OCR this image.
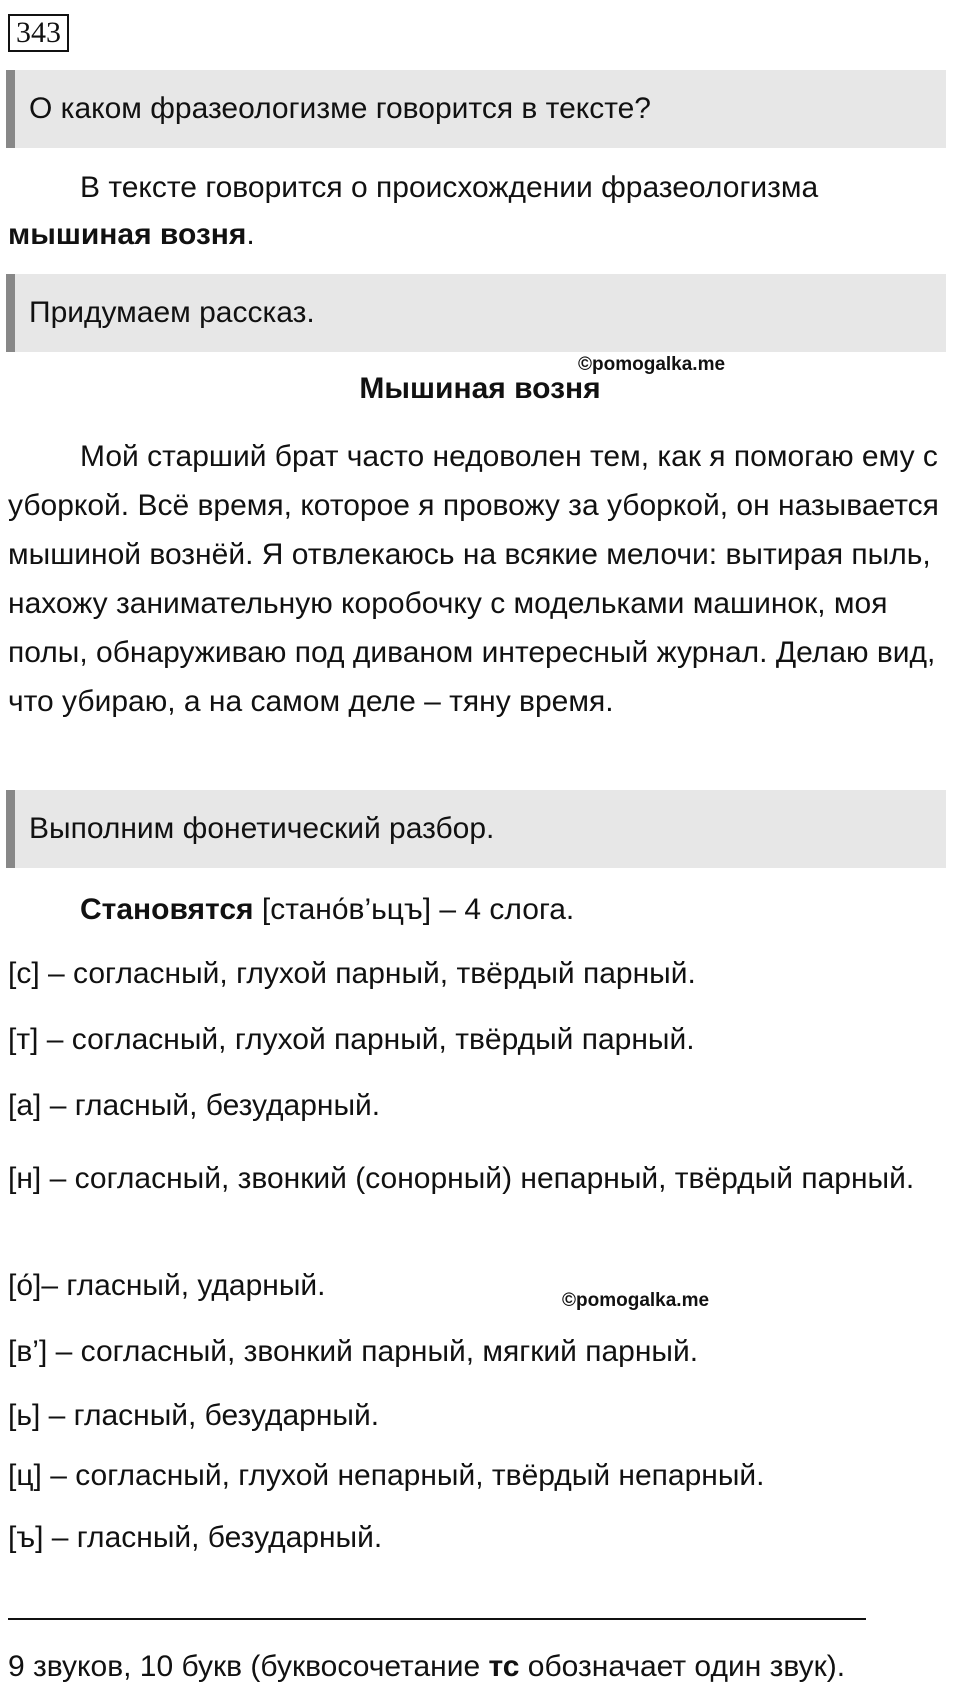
343
О каком фразеологизме говорится в тексте?
В тексте говорится о происхождении фразеологизма мышиная возня.
Придумаем рассказ.
©pomogalka.me
Мышиная возня
Мой старший брат часто недоволен тем, как я помогаю ему с уборкой. Всё время, которое я провожу за уборкой, он называется мышиной вознёй. Я отвлекаюсь на всякие мелочи: вытирая пыль, нахожу занимательную коробочку с модельками машинок, моя полы, обнаруживаю под диваном интересный журнал. Делаю вид, что убираю, а на самом деле – тяну время.
Выполним фонетический разбор.
Становятся [стано́в’ьцъ] – 4 слога.
[с] – согласный, глухой парный, твёрдый парный.
[т] – согласный, глухой парный, твёрдый парный.
[а] – гласный, безударный.
[н] – согласный, звонкий (сонорный) непарный, твёрдый парный.
[о́]– гласный, ударный.	©pomogalka.me
[в’] – согласный, звонкий парный, мягкий парный.
[ь] – гласный, безударный.
[ц] – согласный, глухой непарный, твёрдый непарный.
[ъ] – гласный, безударный.
9 звуков, 10 букв (буквосочетание тс обозначает один звук).
